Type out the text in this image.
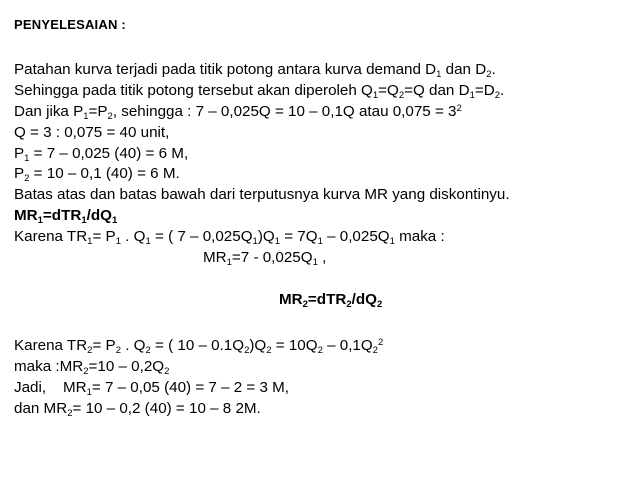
PENYELESAIAN :
Patahan kurva terjadi pada titik potong antara kurva demand $D_1$ dan $D_2$.
Sehingga pada titik potong tersebut akan diperoleh $Q_1=Q_2=Q$ dan $D_1=D_2$.
Dan jika $P_1=P_2$, sehingga : 7 – 0,025Q = 10 – 0,1Q atau $0,075 = 3^2$
Q = 3 : 0,075 = 40 unit,
$P_1 = 7 - 0,025$ (40) = 6 M,
$P_2 = 10 - 0,1$ (40) = 6 M.
Batas atas dan batas bawah dari terputusnya kurva MR yang diskontinyu.
$MR_1=dTR_1/dQ_1$
Karena $TR_1= P_1$ . $Q_1$ = ( $7 - 0,025Q_1)Q_1 = 7Q_1 - 0,025Q_1$ maka :
$MR_1=7 - 0,025Q_1$ ,
$MR_2=dTR_2/dQ_2$
Karena $TR_2= P_2$ . $Q_2$ = ( $10 - 0.1Q_2)Q_2 = 10Q_2 - 0,1Q_2^2$
maka $:MR_2=10 - 0,2Q_2$
Jadi,    $MR_1= 7 - 0,05$ (40) = 7 – 2 = 3 M,
dan $MR_2= 10 - 0,2$ (40) = 10 – 8 2M.
